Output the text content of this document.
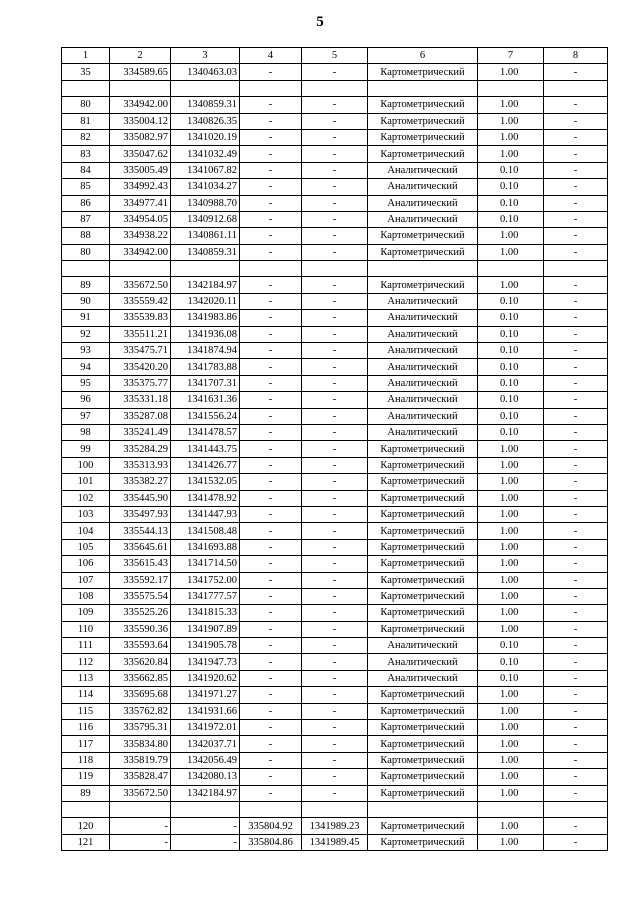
5
1	2	3	4	5	6	7	8
35	334589.65	1340463.03	-	-	Картометрический	1.00	-

80	334942.00	1340859.31	-	-	Картометрический	1.00	-
81	335004.12	1340826.35	-	-	Картометрический	1.00	-
82	335082.97	1341020.19	-	-	Картометрический	1.00	-
83	335047.62	1341032.49	-	-	Картометрический	1.00	-
84	335005.49	1341067.82	-	-	Аналитический	0.10	-
85	334992.43	1341034.27	-	-	Аналитический	0.10	-
86	334977.41	1340988.70	-	-	Аналитический	0.10	-
87	334954.05	1340912.68	-	-	Аналитический	0.10	-
88	334938.22	1340861.11	-	-	Картометрический	1.00	-
80	334942.00	1340859.31	-	-	Картометрический	1.00	-

89	335672.50	1342184.97	-	-	Картометрический	1.00	-
90	335559.42	1342020.11	-	-	Аналитический	0.10	-
91	335539.83	1341983.86	-	-	Аналитический	0.10	-
92	335511.21	1341936.08	-	-	Аналитический	0.10	-
93	335475.71	1341874.94	-	-	Аналитический	0.10	-
94	335420.20	1341783.88	-	-	Аналитический	0.10	-
95	335375.77	1341707.31	-	-	Аналитический	0.10	-
96	335331.18	1341631.36	-	-	Аналитический	0.10	-
97	335287.08	1341556.24	-	-	Аналитический	0.10	-
98	335241.49	1341478.57	-	-	Аналитический	0.10	-
99	335284.29	1341443.75	-	-	Картометрический	1.00	-
100	335313.93	1341426.77	-	-	Картометрический	1.00	-
101	335382.27	1341532.05	-	-	Картометрический	1.00	-
102	335445.90	1341478.92	-	-	Картометрический	1.00	-
103	335497.93	1341447.93	-	-	Картометрический	1.00	-
104	335544.13	1341508.48	-	-	Картометрический	1.00	-
105	335645.61	1341693.88	-	-	Картометрический	1.00	-
106	335615.43	1341714.50	-	-	Картометрический	1.00	-
107	335592.17	1341752.00	-	-	Картометрический	1.00	-
108	335575.54	1341777.57	-	-	Картометрический	1.00	-
109	335525.26	1341815.33	-	-	Картометрический	1.00	-
110	335590.36	1341907.89	-	-	Картометрический	1.00	-
111	335593.64	1341905.78	-	-	Аналитический	0.10	-
112	335620.84	1341947.73	-	-	Аналитический	0.10	-
113	335662.85	1341920.62	-	-	Аналитический	0.10	-
114	335695.68	1341971.27	-	-	Картометрический	1.00	-
115	335762.82	1341931.66	-	-	Картометрический	1.00	-
116	335795.31	1341972.01	-	-	Картометрический	1.00	-
117	335834.80	1342037.71	-	-	Картометрический	1.00	-
118	335819.79	1342056.49	-	-	Картометрический	1.00	-
119	335828.47	1342080.13	-	-	Картометрический	1.00	-
89	335672.50	1342184.97	-	-	Картометрический	1.00	-

120	-	-	335804.92	1341989.23	Картометрический	1.00	-
121	-	-	335804.86	1341989.45	Картометрический	1.00	-
